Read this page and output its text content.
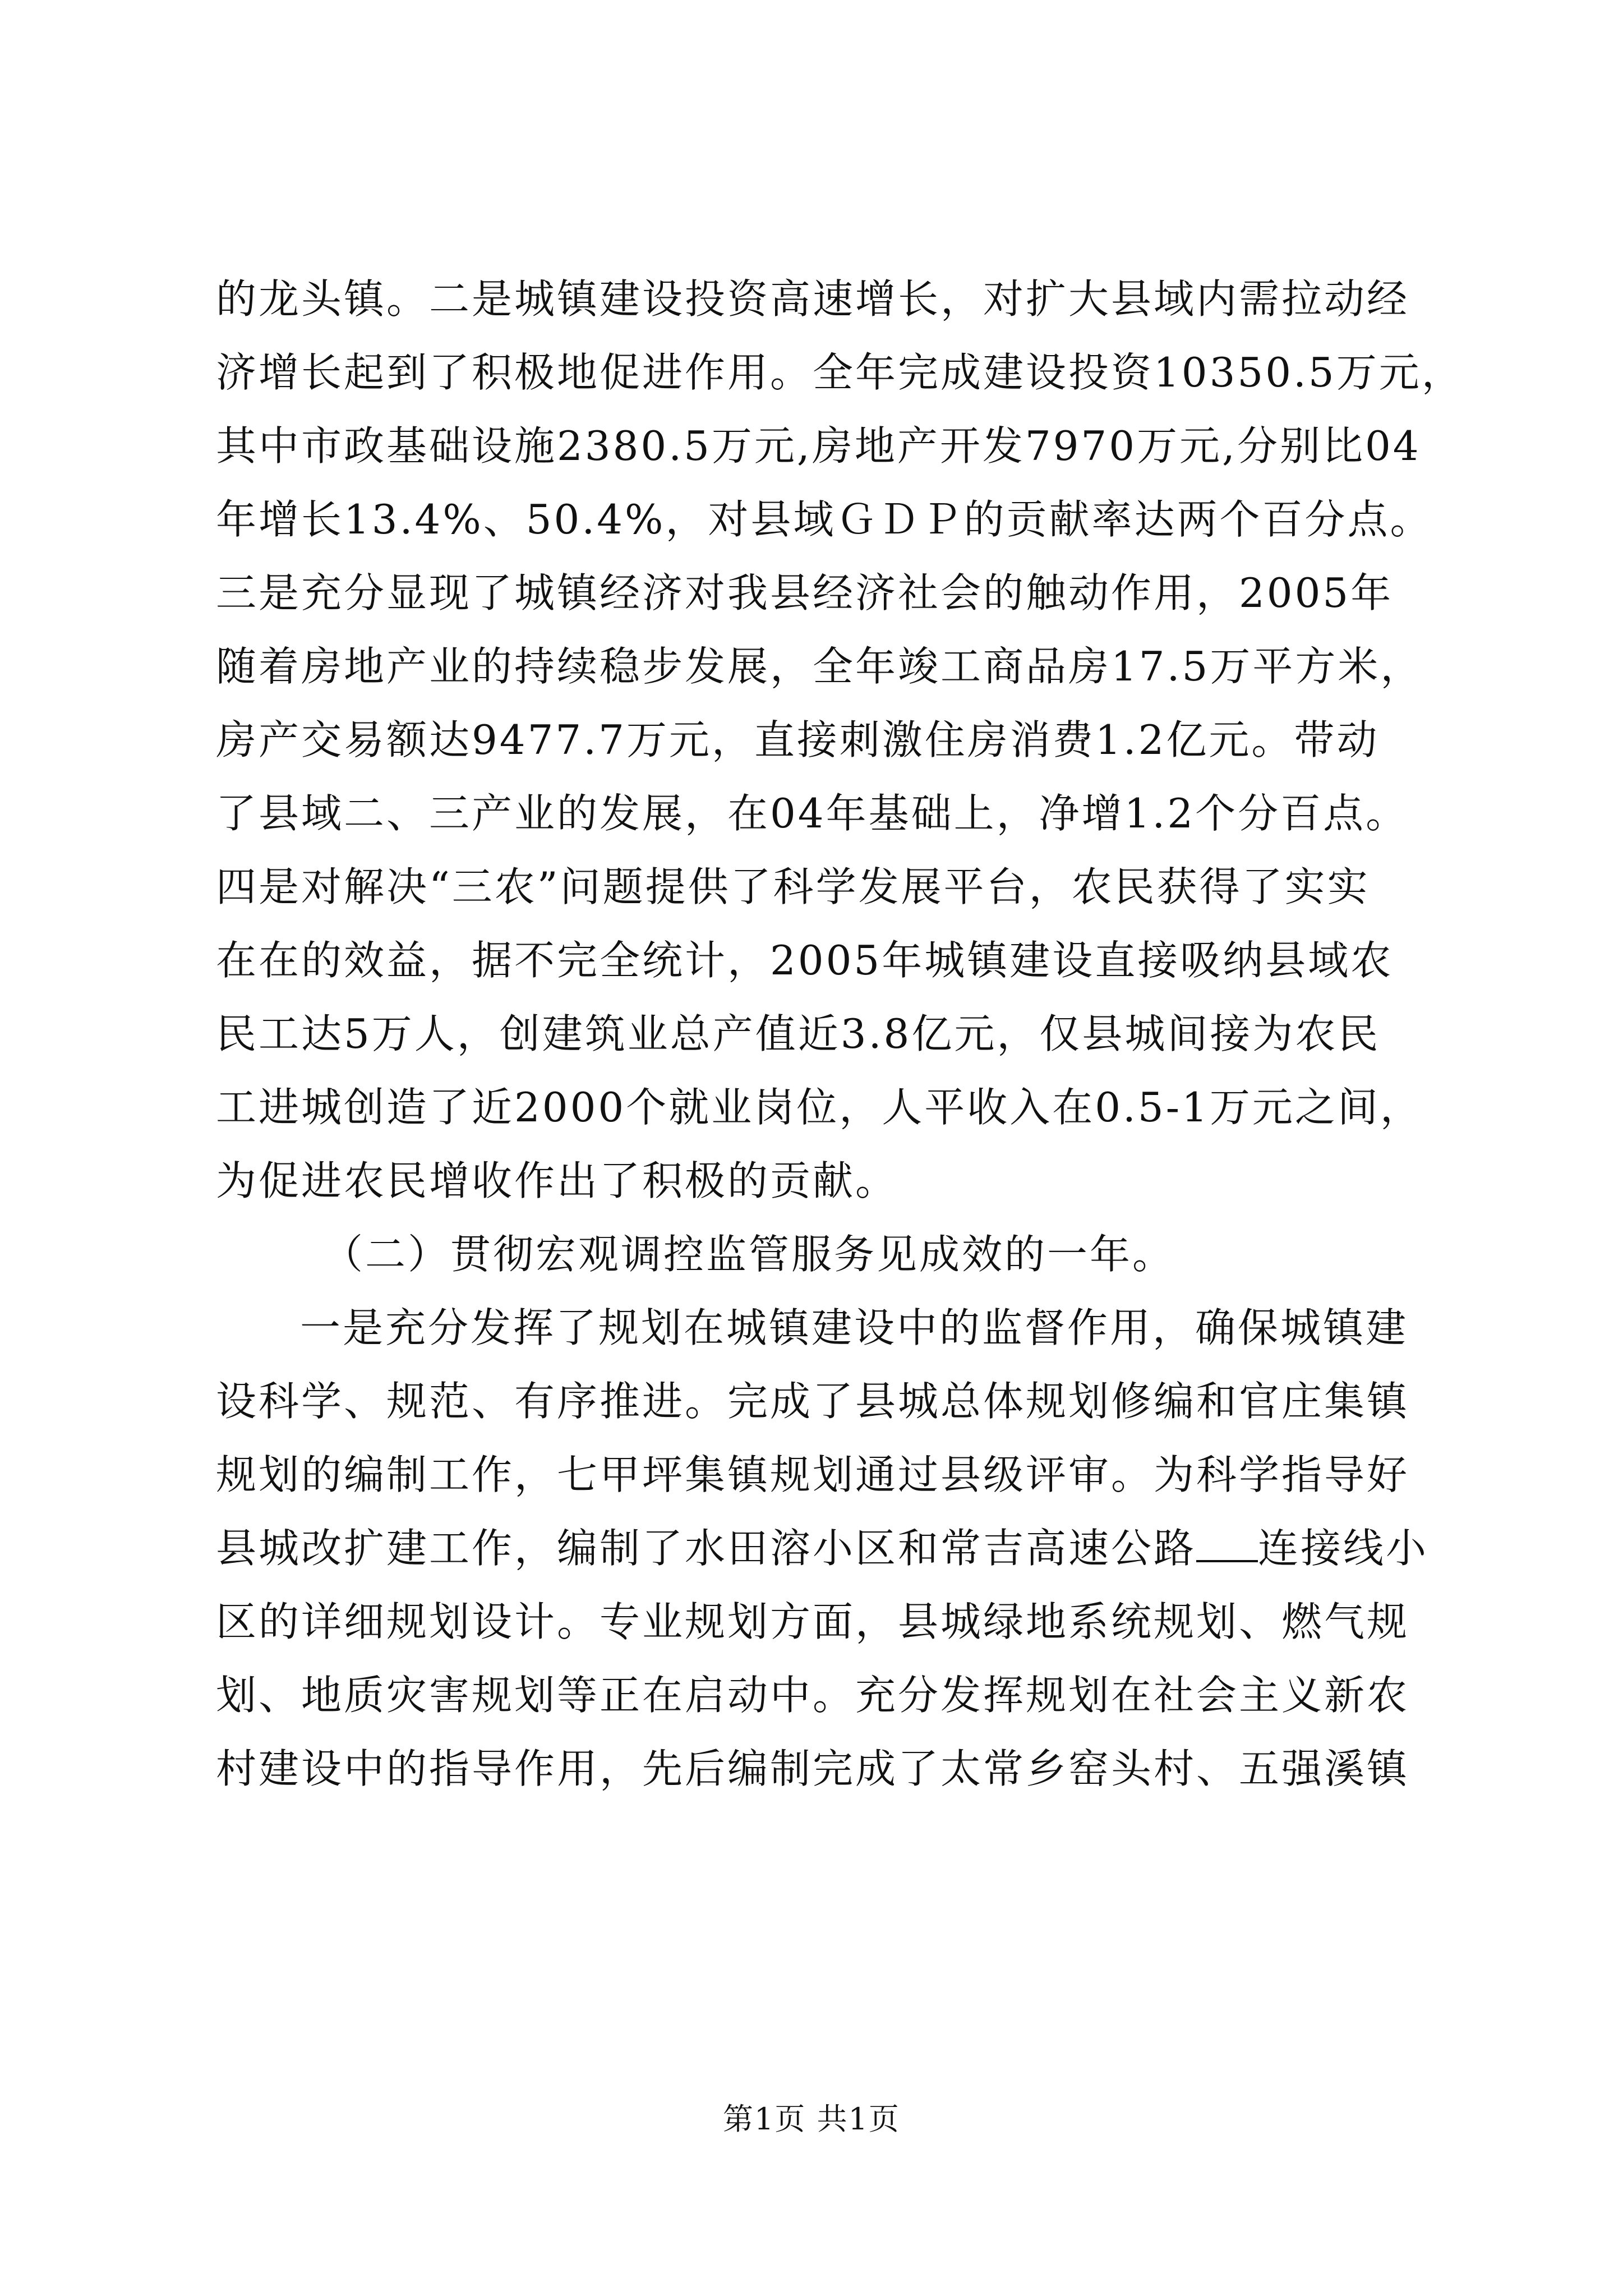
的龙头镇。二是城镇建设投资高速增长，对扩大县域内需拉动经
济增长起到了积极地促进作用。全年完成建设投资10350.5万元，
其中市政基础设施2380.5万元,房地产开发7970万元,分别比04
年增长13.4%、50.4%，对县域ＧＤＰ的贡献率达两个百分点。
三是充分显现了城镇经济对我县经济社会的触动作用，2005年
随着房地产业的持续稳步发展，全年竣工商品房17.5万平方米，
房产交易额达9477.7万元，直接刺激住房消费1.2亿元。带动
了县域二、三产业的发展，在04年基础上，净增1.2个分百点。
四是对解决“三农”问题提供了科学发展平台，农民获得了实实
在在的效益，据不完全统计，2005年城镇建设直接吸纳县域农
民工达5万人，创建筑业总产值近3.8亿元，仅县城间接为农民
工进城创造了近2000个就业岗位，人平收入在0.5-1万元之间，
为促进农民增收作出了积极的贡献。
（二）贯彻宏观调控监管服务见成效的一年。
一是充分发挥了规划在城镇建设中的监督作用，确保城镇建
设科学、规范、有序推进。完成了县城总体规划修编和官庄集镇
规划的编制工作，七甲坪集镇规划通过县级评审。为科学指导好
县城改扩建工作，编制了水田溶小区和常吉高速公路 连接线小
区的详细规划设计。专业规划方面，县城绿地系统规划、燃气规
划、地质灾害规划等正在启动中。充分发挥规划在社会主义新农
村建设中的指导作用，先后编制完成了太常乡窑头村、五强溪镇
第1页 共1页
